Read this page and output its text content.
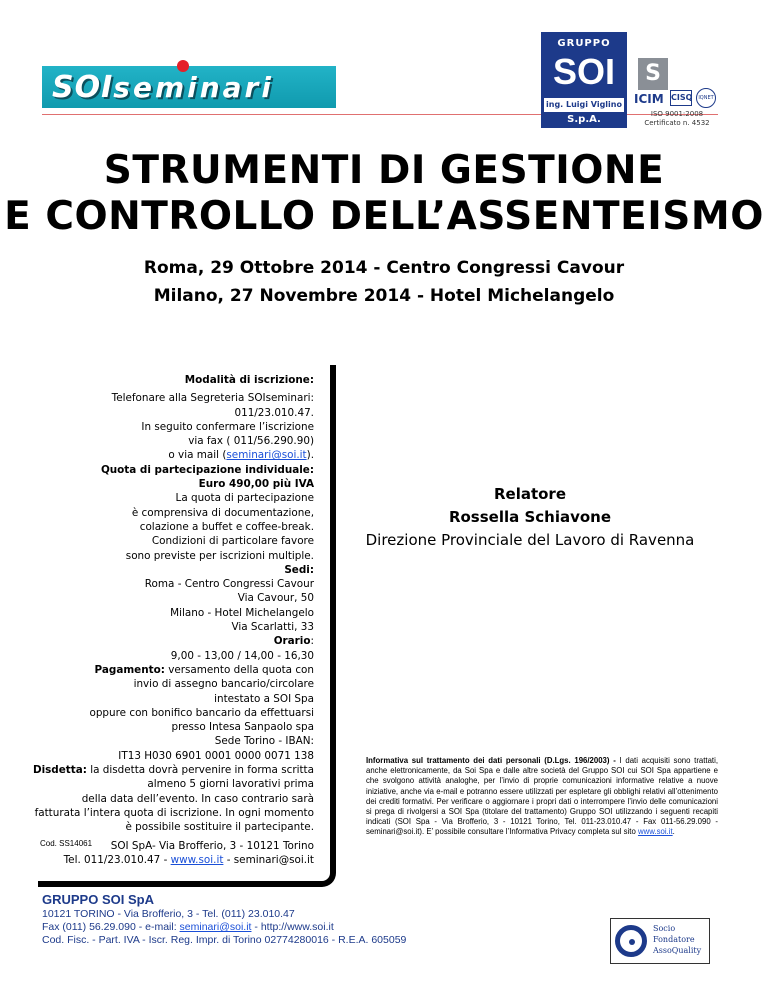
SOIseminari
GRUPPO
SOI
ing. Luigi Viglino
S.p.A.
S
ICIM CISQ	IQNET
ISO 9001:2008
Certificato n. 4532
STRUMENTI DI GESTIONE
E CONTROLLO DELL’ASSENTEISMO
Roma, 29 Ottobre 2014 - Centro Congressi Cavour
Milano, 27 Novembre 2014 - Hotel Michelangelo

Modalità di iscrizione:

Telefonare alla Segreteria SOIseminari:

011/23.010.47.

In seguito confermare l’iscrizione

via fax ( 011/56.290.90)

o via mail (seminari@soi.it).

Quota di partecipazione individuale:

Euro 490,00 più IVA

La quota di partecipazione

è comprensiva di documentazione,

colazione a buffet e coffee-break.

Condizioni di particolare favore

sono previste per iscrizioni multiple.

Sedi:

Roma - Centro Congressi Cavour

Via Cavour, 50

Milano - Hotel Michelangelo

Via Scarlatti, 33

Orario:

9,00 - 13,00 / 14,00 - 16,30

Pagamento: versamento della quota con

invio di assegno bancario/circolare

intestato a SOI Spa

oppure con bonifico bancario da effettuarsi

presso Intesa Sanpaolo spa

Sede Torino - IBAN:

IT13 H030 6901 0001 0000 0071 138

Disdetta: la disdetta dovrà pervenire in forma scritta

almeno 5 giorni lavorativi prima

della data dell’evento. In caso contrario sarà

fatturata l’intera quota di iscrizione. In ogni momento

è possibile sostituire il partecipante.

SOI SpA- Via Brofferio, 3 - 10121 Torino

Tel. 011/23.010.47 - www.soi.it - seminari@soi.it

Cod. SS14061
Relatore
Rossella Schiavone
Direzione Provinciale del Lavoro di Ravenna
Informativa sul trattamento dei dati personali (D.Lgs. 196/2003) - I dati acquisiti sono trattati, anche elettronicamente, da Soi Spa e dalle altre società del Gruppo SOI cui SOI Spa appartiene e che svolgono attività analoghe, per l’invio di proprie comunicazioni informative relative a nuove iniziative, anche via e-mail e potranno essere utilizzati per espletare gli obblighi relativi all’ottenimento dei crediti formativi. Per verificare o aggiornare i propri dati o interrompere l’invio delle comunicazioni si prega di rivolgersi a SOI Spa (titolare del trattamento) Gruppo SOI utilizzando i seguenti recapiti indicati (SOI Spa - Via Brofferio, 3 - 10121 Torino, Tel. 011-23.010.47 - Fax 011-56.29.090 - seminari@soi.it). E’ possibile consultare l’Informativa Privacy completa sul sito www.soi.it.
GRUPPO SOI SpA
10121 TORINO - Via Brofferio, 3 - Tel. (011) 23.010.47
Fax (011) 56.29.090 - e-mail: seminari@soi.it - http://www.soi.it
Cod. Fisc. - Part. IVA - Iscr. Reg. Impr. di Torino 02774280016 - R.E.A. 605059
Socio
Fondatore
AssoQuality
